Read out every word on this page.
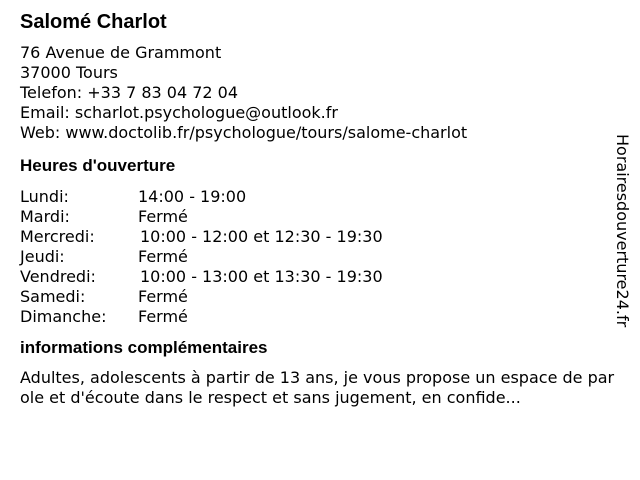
Salomé Charlot
76 Avenue de Grammont
37000 Tours
Telefon: +33 7 83 04 72 04
Email: scharlot.psychologue@outlook.fr
Web: www.doctolib.fr/psychologue/tours/salome-charlot
Heures d'ouverture
Lundi:	14:00 - 19:00
Mardi:	Fermé
Mercredi:	10:00 - 12:00 et 12:30 - 19:30
Jeudi:	Fermé
Vendredi:	10:00 - 13:00 et 13:30 - 19:30
Samedi:	Fermé
Dimanche:	Fermé
informations complémentaires
Adultes, adolescents à partir de 13 ans, je vous propose un espace de parole et d'écoute dans le respect et sans jugement, en confide...
Horairesdouverture24.fr
